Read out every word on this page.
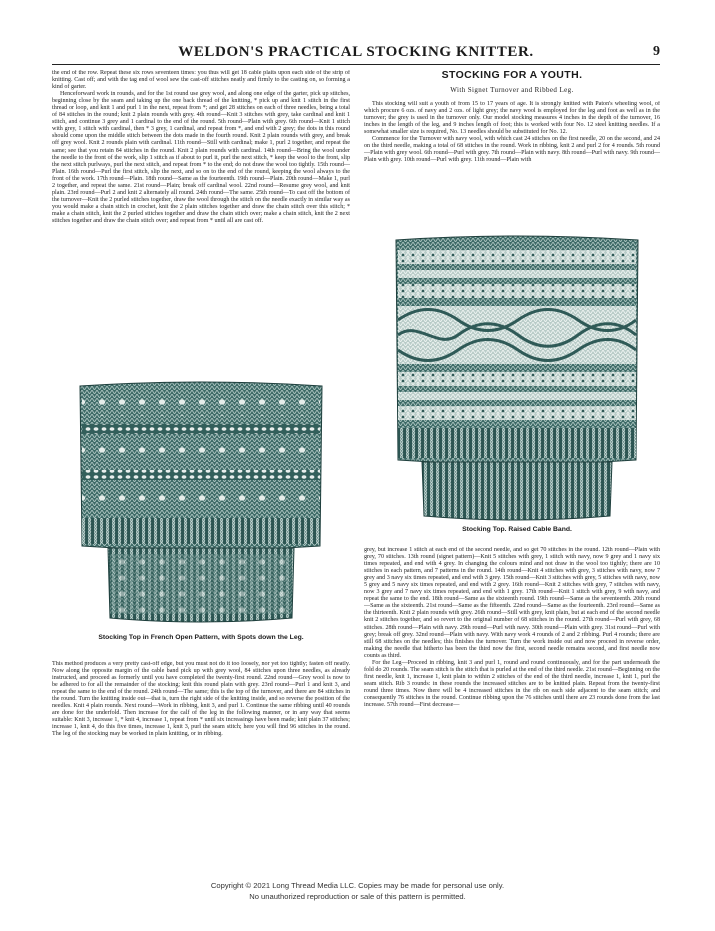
WELDON'S PRACTICAL STOCKING KNITTER.	9

the end of the row. Repeat these six rows seventeen times: you thus will get 18 cable plaits upon each side of the strip of knitting. Cast off; and with the tag end of wool sew the cast-off stitches neatly and firmly to the casting on, so forming a kind of garter.

Henceforward work in rounds, and for the 1st round use grey wool, and along one edge of the garter, pick up stitches, beginning close by the seam and taking up the one back thread of the knitting, * pick up and knit 1 stitch in the first thread or loop, and knit 1 and purl 1 in the next, repeat from *; and get 28 stitches on each of three needles, being a total of 84 stitches in the round; knit 2 plain rounds with grey. 4th round—Knit 3 stitches with grey, take cardinal and knit 1 stitch, and continue 3 grey and 1 cardinal to the end of the round. 5th round—Plain with grey. 6th round—Knit 1 stitch with grey, 1 stitch with cardinal, then * 3 grey, 1 cardinal, and repeat from *, and end with 2 grey; the dots in this round should come upon the middle stitch between the dots made in the fourth round. Knit 2 plain rounds with grey, and break off grey wool. Knit 2 rounds plain with cardinal. 11th round—Still with cardinal; make 1, purl 2 together, and repeat the same; see that you retain 84 stitches in the round. Knit 2 plain rounds with cardinal. 14th round—Bring the wool under the needle to the front of the work, slip 1 stitch as if about to purl it, purl the next stitch, * keep the wool to the front, slip the next stitch purlways, purl the next stitch, and repeat from * to the end; do not draw the wool too tightly. 15th round—Plain. 16th round—Purl the first stitch, slip the next, and so on to the end of the round, keeping the wool always to the front of the work. 17th round—Plain. 18th round—Same as the fourteenth. 19th round—Plain. 20th round—Make 1, purl 2 together, and repeat the same. 21st round—Plain; break off cardinal wool. 22nd round—Resume grey wool, and knit plain. 23rd round—Purl 2 and knit 2 alternately all round. 24th round—The same. 25th round—To cast off the bottom of the turnover—Knit the 2 purled stitches together, draw the wool through the stitch on the needle exactly in similar way as you would make a chain stitch in crochet, knit the 2 plain stitches together and draw the chain stitch over this stitch; * make a chain stitch, knit the 2 purled stitches together and draw the chain stitch over; make a chain stitch, knit the 2 next stitches together and draw the chain stitch over; and repeat from * until all are cast off.

Stocking Top in French Open Pattern, with Spots down the Leg.

This method produces a very pretty cast-off edge, but you must not do it too loosely, nor yet too tightly; fasten off neatly. Now along the opposite margin of the cable band pick up with grey wool, 84 stitches upon three needles, as already instructed, and proceed as formerly until you have completed the twenty-first round. 22nd round—Grey wool is now to be adhered to for all the remainder of the stocking; knit this round plain with grey. 23rd round—Purl 1 and knit 3, and repeat the same to the end of the round. 24th round—The same; this is the top of the turnover, and there are 84 stitches in the round. Turn the knitting inside out—that is, turn the right side of the knitting inside, and so reverse the position of the needles. Knit 4 plain rounds. Next round—Work in ribbing, knit 3, and purl 1. Continue the same ribbing until 40 rounds are done for the underfold. Then increase for the calf of the leg in the following manner, or in any way that seems suitable: Knit 3, increase 1, * knit 4, increase 1, repeat from * until six increasings have been made; knit plain 37 stitches; increase 1, knit 4, do this five times, increase 1, knit 3, purl the seam stitch; here you will find 96 stitches in the round. The leg of the stocking may be worked in plain knitting, or in ribbing.

STOCKING FOR A YOUTH.
With Signet Turnover and Ribbed Leg.

This stocking will suit a youth of from 15 to 17 years of age. It is strongly knitted with Paton's wheeling wool, of which procure 6 ozs. of navy and 2 ozs. of light grey; the navy wool is employed for the leg and foot as well as in the turnover; the grey is used in the turnover only. Our model stocking measures 4 inches in the depth of the turnover, 16 inches in the length of the leg, and 9 inches length of foot; this is worked with four No. 12 steel knitting needles. If a somewhat smaller size is required, No. 13 needles should be substituted for No. 12.

Commence for the Turnover with navy wool, with which cast 24 stitches on the first needle, 20 on the second, and 24 on the third needle, making a total of 68 stitches in the round. Work in ribbing, knit 2 and purl 2 for 4 rounds. 5th round—Plain with grey wool. 6th round—Purl with grey. 7th round—Plain with navy. 8th round—Purl with navy. 9th round—Plain with grey. 10th round—Purl with grey. 11th round—Plain with

Stocking Top. Raised Cable Band.

grey, but increase 1 stitch at each end of the second needle, and so get 70 stitches in the round. 12th round—Plain with grey, 70 stitches. 13th round (signet pattern)—Knit 5 stitches with grey, 1 stitch with navy, now 9 grey and 1 navy six times repeated, and end with 4 grey. In changing the colours mind and not draw in the wool too tightly; there are 10 stitches in each pattern, and 7 patterns in the round. 14th round—Knit 4 stitches with grey, 3 stitches with navy, now 7 grey and 3 navy six times repeated, and end with 3 grey. 15th round—Knit 3 stitches with grey, 5 stitches with navy, now 5 grey and 5 navy six times repeated, and end with 2 grey. 16th round—Knit 2 stitches with grey, 7 stitches with navy, now 3 grey and 7 navy six times repeated, and end with 1 grey. 17th round—Knit 1 stitch with grey, 9 with navy, and repeat the same to the end. 18th round—Same as the sixteenth round. 19th round—Same as the seventeenth. 20th round—Same as the sixteenth. 21st round—Same as the fifteenth. 22nd round—Same as the fourteenth. 23rd round—Same as the thirteenth. Knit 2 plain rounds with grey. 26th round—Still with grey, knit plain, but at each end of the second needle knit 2 stitches together, and so revert to the original number of 68 stitches in the round. 27th round—Purl with grey, 68 stitches. 28th round—Plain with navy. 29th round—Purl with navy. 30th round—Plain with grey. 31st round—Purl with grey; break off grey. 32nd round—Plain with navy. With navy work 4 rounds of 2 and 2 ribbing. Purl 4 rounds; there are still 68 stitches on the needles; this finishes the turnover. Turn the work inside out and now proceed in reverse order, making the needle that hitherto has been the third now the first, second needle remains second, and first needle now counts as third.

For the Leg—Proceed in ribbing, knit 3 and purl 1, round and round continuously, and for the part underneath the fold do 20 rounds. The seam stitch is the stitch that is purled at the end of the third needle. 21st round—Beginning on the first needle, knit 1, increase 1, knit plain to within 2 stitches of the end of the third needle, increase 1, knit 1, purl the seam stitch. Rib 3 rounds: in these rounds the increased stitches are to be knitted plain. Repeat from the twenty-first round three times. Now there will be 4 increased stitches in the rib on each side adjacent to the seam stitch; and consequently 76 stitches in the round. Continue ribbing upon the 76 stitches until there are 23 rounds done from the last increase. 57th round—First decrease—

Copyright © 2021 Long Thread Media LLC. Copies may be made for personal use only.
No unauthorized reproduction or sale of this pattern is permitted.
